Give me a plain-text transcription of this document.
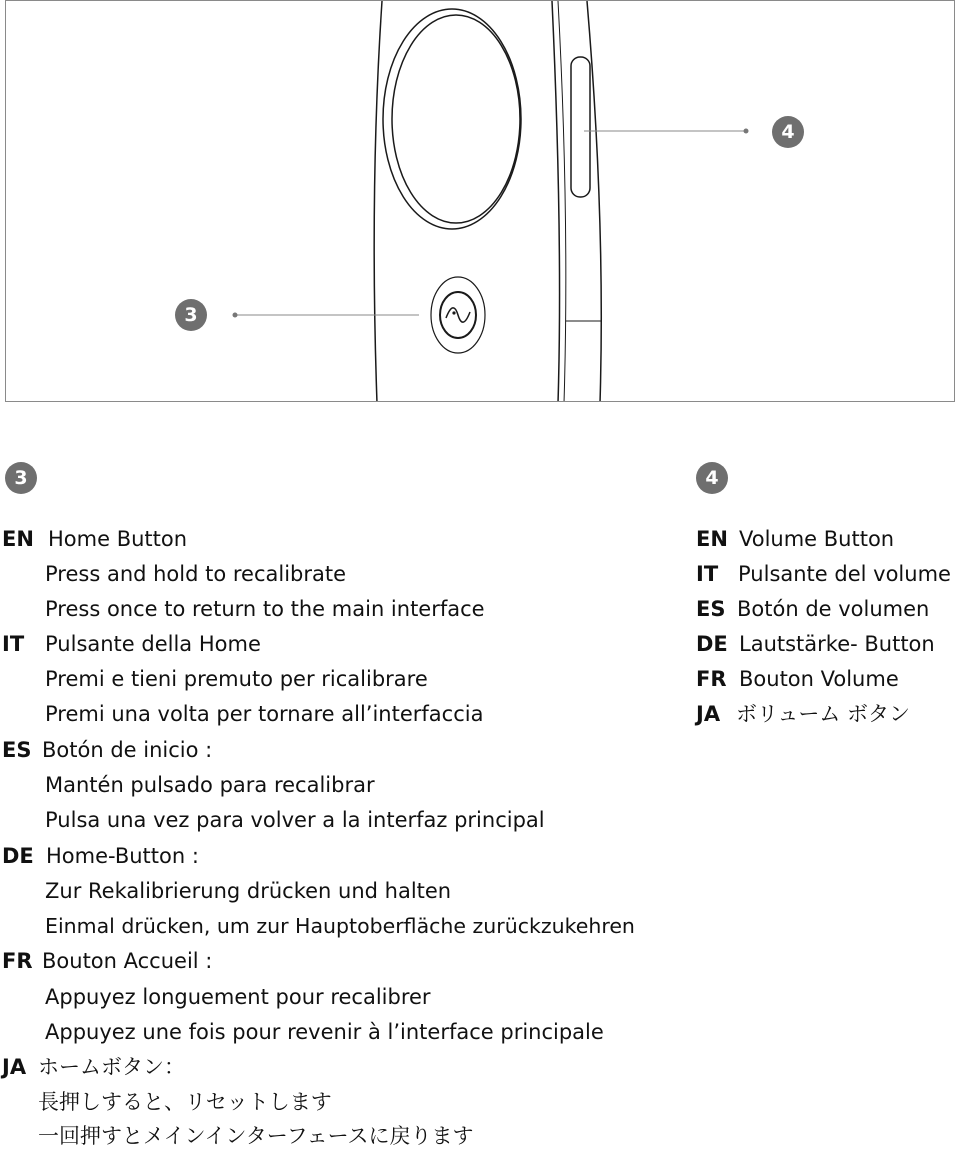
3
4
3
EN Home Button
Press and hold to recalibrate
Press once to return to the main interface
IT Pulsante della Home
Premi e tieni premuto per ricalibrare
Premi una volta per tornare all’interfaccia
ES Botón de inicio :
Mantén pulsado para recalibrar
Pulsa una vez para volver a la interfaz principal
DE Home-Button :
Zur Rekalibrierung drücken und halten
Einmal drücken, um zur Hauptoberfläche zurückzukehren
FR Bouton Accueil :
Appuyez longuement pour recalibrer
Appuyez une fois pour revenir à l’interface principale
JA ホームボタン：
長押しすると、リセットします
一回押すとメインインターフェースに戻ります
4
EN Volume Button
IT Pulsante del volume
ES Botón de volumen
DE Lautstärke- Button
FR Bouton Volume
JA ボリューム ボタン
